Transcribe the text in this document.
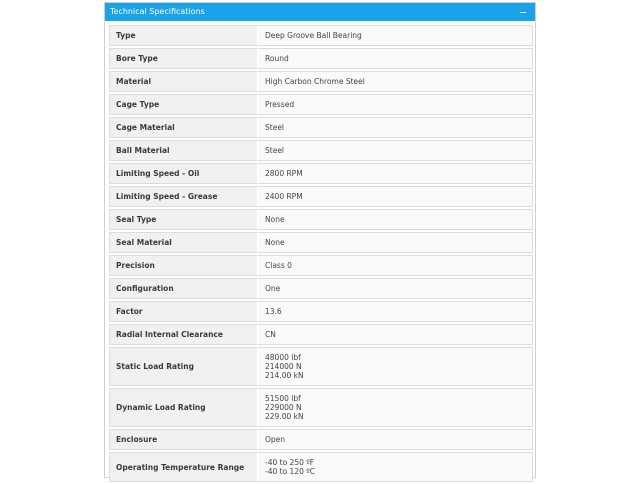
Technical Specifications
Type	Deep Groove Ball Bearing

Bore Type	Round

Material	High Carbon Chrome Steel

Cage Type	Pressed

Cage Material	Steel

Ball Material	Steel

Limiting Speed - Oil	2800 RPM

Limiting Speed - Grease	2400 RPM

Seal Type	None

Seal Material	None

Precision	Class 0

Configuration	One

Factor	13.6

Radial Internal Clearance	CN

Static Load Rating	48000 lbf
214000 N
214.00 kN

Dynamic Load Rating	51500 lbf
229000 N
229.00 kN

Enclosure	Open

Operating Temperature Range	-40 to 250 ºF
-40 to 120 ºC
